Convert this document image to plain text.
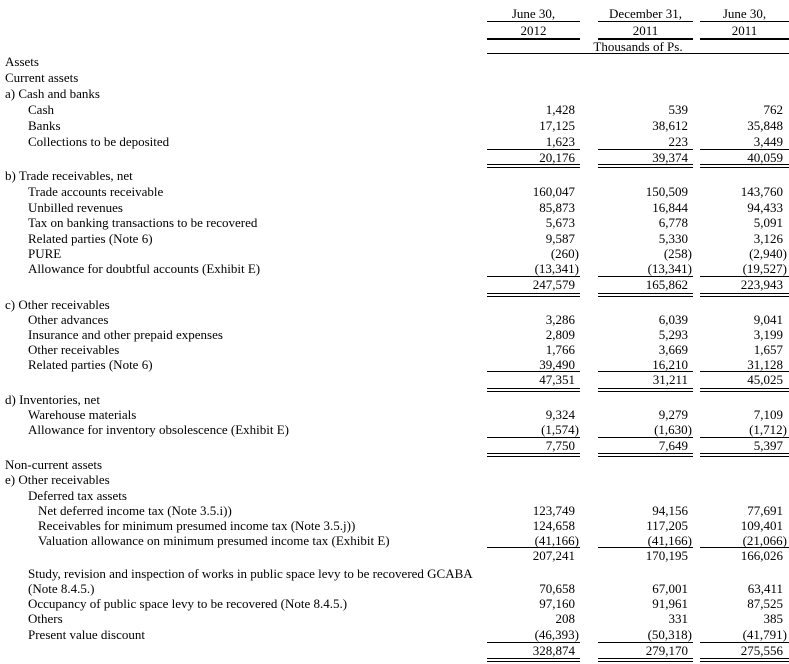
June 30,	December 31,	June 30,
2012	2011	2011
Thousands of Ps.
Assets
Current assets
a) Cash and banks
Cash	1,428	539	762
Banks	17,125	38,612	35,848
Collections to be deposited	1,623	223	3,449
20,176	39,374	40,059
b) Trade receivables, net
Trade accounts receivable	160,047	150,509	143,760
Unbilled revenues	85,873	16,844	94,433
Tax on banking transactions to be recovered	5,673	6,778	5,091
Related parties (Note 6)	9,587	5,330	3,126
PURE	(260)	(258)	(2,940)
Allowance for doubtful accounts (Exhibit E)	(13,341)	(13,341)	(19,527)
247,579	165,862	223,943
c) Other receivables
Other advances	3,286	6,039	9,041
Insurance and other prepaid expenses	2,809	5,293	3,199
Other receivables	1,766	3,669	1,657
Related parties (Note 6)	39,490	16,210	31,128
47,351	31,211	45,025
d) Inventories, net
Warehouse materials	9,324	9,279	7,109
Allowance for inventory obsolescence (Exhibit E)	(1,574)	(1,630)	(1,712)
7,750	7,649	5,397
Non-current assets
e) Other receivables
Deferred tax assets
Net deferred income tax (Note 3.5.i))	123,749	94,156	77,691
Receivables for minimum presumed income tax (Note 3.5.j))	124,658	117,205	109,401
Valuation allowance on minimum presumed income tax (Exhibit E)	(41,166)	(41,166)	(21,066)
207,241	170,195	166,026
Study, revision and inspection of works in public space levy to be recovered GCABA
(Note 8.4.5.)	70,658	67,001	63,411
Occupancy of public space levy to be recovered (Note 8.4.5.)	97,160	91,961	87,525
Others	208	331	385
Present value discount	(46,393)	(50,318)	(41,791)
328,874	279,170	275,556
